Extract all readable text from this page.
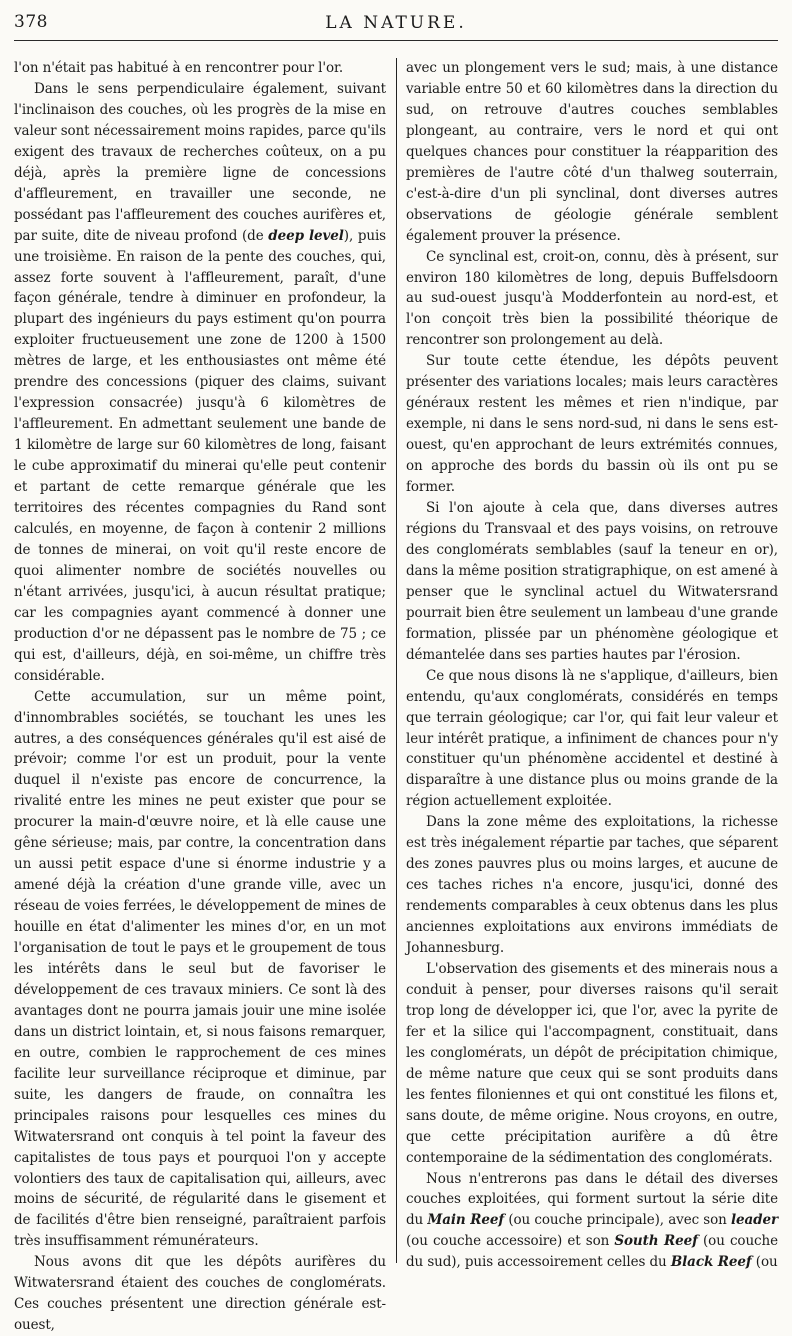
378	LA NATURE.

l'on n'était pas habitué à en rencontrer pour l'or.

Dans le sens perpendiculaire également, suivant l'inclinaison des couches, où les progrès de la mise en valeur sont nécessairement moins rapides, parce qu'ils exigent des travaux de recherches coûteux, on a pu déjà, après la première ligne de concessions d'affleurement, en travailler une seconde, ne possédant pas l'affleurement des couches aurifères et, par suite, dite de niveau profond (de deep level), puis une troisième. En raison de la pente des couches, qui, assez forte souvent à l'affleurement, paraît, d'une façon générale, tendre à diminuer en profondeur, la plupart des ingénieurs du pays estiment qu'on pourra exploiter fructueusement une zone de 1200 à 1500 mètres de large, et les enthousiastes ont même été prendre des concessions (piquer des claims, suivant l'expression consacrée) jusqu'à 6 kilomètres de l'affleurement. En admettant seulement une bande de 1 kilomètre de large sur 60 kilomètres de long, faisant le cube approximatif du minerai qu'elle peut contenir et partant de cette remarque générale que les territoires des récentes compagnies du Rand sont calculés, en moyenne, de façon à contenir 2 millions de tonnes de minerai, on voit qu'il reste encore de quoi alimenter nombre de sociétés nouvelles ou n'étant arrivées, jusqu'ici, à aucun résultat pratique; car les compagnies ayant commencé à donner une production d'or ne dépassent pas le nombre de 75 ; ce qui est, d'ailleurs, déjà, en soi-même, un chiffre très considérable.

Cette accumulation, sur un même point, d'innombrables sociétés, se touchant les unes les autres, a des conséquences générales qu'il est aisé de prévoir; comme l'or est un produit, pour la vente duquel il n'existe pas encore de concurrence, la rivalité entre les mines ne peut exister que pour se procurer la main-d'œuvre noire, et là elle cause une gêne sérieuse; mais, par contre, la concentration dans un aussi petit espace d'une si énorme industrie y a amené déjà la création d'une grande ville, avec un réseau de voies ferrées, le développement de mines de houille en état d'alimenter les mines d'or, en un mot l'organisation de tout le pays et le groupement de tous les intérêts dans le seul but de favoriser le développement de ces travaux miniers. Ce sont là des avantages dont ne pourra jamais jouir une mine isolée dans un district lointain, et, si nous faisons remarquer, en outre, combien le rapprochement de ces mines facilite leur surveillance réciproque et diminue, par suite, les dangers de fraude, on connaîtra les principales raisons pour lesquelles ces mines du Witwatersrand ont conquis à tel point la faveur des capitalistes de tous pays et pourquoi l'on y accepte volontiers des taux de capitalisation qui, ailleurs, avec moins de sécurité, de régularité dans le gisement et de facilités d'être bien renseigné, paraîtraient parfois très insuffisamment rémunérateurs.

Nous avons dit que les dépôts aurifères du Witwatersrand étaient des couches de conglomérats. Ces couches présentent une direction générale est-ouest,

avec un plongement vers le sud; mais, à une distance variable entre 50 et 60 kilomètres dans la direction du sud, on retrouve d'autres couches semblables plongeant, au contraire, vers le nord et qui ont quelques chances pour constituer la réapparition des premières de l'autre côté d'un thalweg souterrain, c'est-à-dire d'un pli synclinal, dont diverses autres observations de géologie générale semblent également prouver la présence.

Ce synclinal est, croit-on, connu, dès à présent, sur environ 180 kilomètres de long, depuis Buffelsdoorn au sud-ouest jusqu'à Modderfontein au nord-est, et l'on conçoit très bien la possibilité théorique de rencontrer son prolongement au delà.

Sur toute cette étendue, les dépôts peuvent présenter des variations locales; mais leurs caractères généraux restent les mêmes et rien n'indique, par exemple, ni dans le sens nord-sud, ni dans le sens est-ouest, qu'en approchant de leurs extrémités connues, on approche des bords du bassin où ils ont pu se former.

Si l'on ajoute à cela que, dans diverses autres régions du Transvaal et des pays voisins, on retrouve des conglomérats semblables (sauf la teneur en or), dans la même position stratigraphique, on est amené à penser que le synclinal actuel du Witwatersrand pourrait bien être seulement un lambeau d'une grande formation, plissée par un phénomène géologique et démantelée dans ses parties hautes par l'érosion.

Ce que nous disons là ne s'applique, d'ailleurs, bien entendu, qu'aux conglomérats, considérés en temps que terrain géologique; car l'or, qui fait leur valeur et leur intérêt pratique, a infiniment de chances pour n'y constituer qu'un phénomène accidentel et destiné à disparaître à une distance plus ou moins grande de la région actuellement exploitée.

Dans la zone même des exploitations, la richesse est très inégalement répartie par taches, que séparent des zones pauvres plus ou moins larges, et aucune de ces taches riches n'a encore, jusqu'ici, donné des rendements comparables à ceux obtenus dans les plus anciennes exploitations aux environs immédiats de Johannesburg.

L'observation des gisements et des minerais nous a conduit à penser, pour diverses raisons qu'il serait trop long de développer ici, que l'or, avec la pyrite de fer et la silice qui l'accompagnent, constituait, dans les conglomérats, un dépôt de précipitation chimique, de même nature que ceux qui se sont produits dans les fentes filoniennes et qui ont constitué les filons et, sans doute, de même origine. Nous croyons, en outre, que cette précipitation aurifère a dû être contemporaine de la sédimentation des conglomérats.

Nous n'entrerons pas dans le détail des diverses couches exploitées, qui forment surtout la série dite du Main Reef (ou couche principale), avec son leader (ou couche accessoire) et son South Reef (ou couche du sud), puis accessoirement celles du Black Reef (ou
